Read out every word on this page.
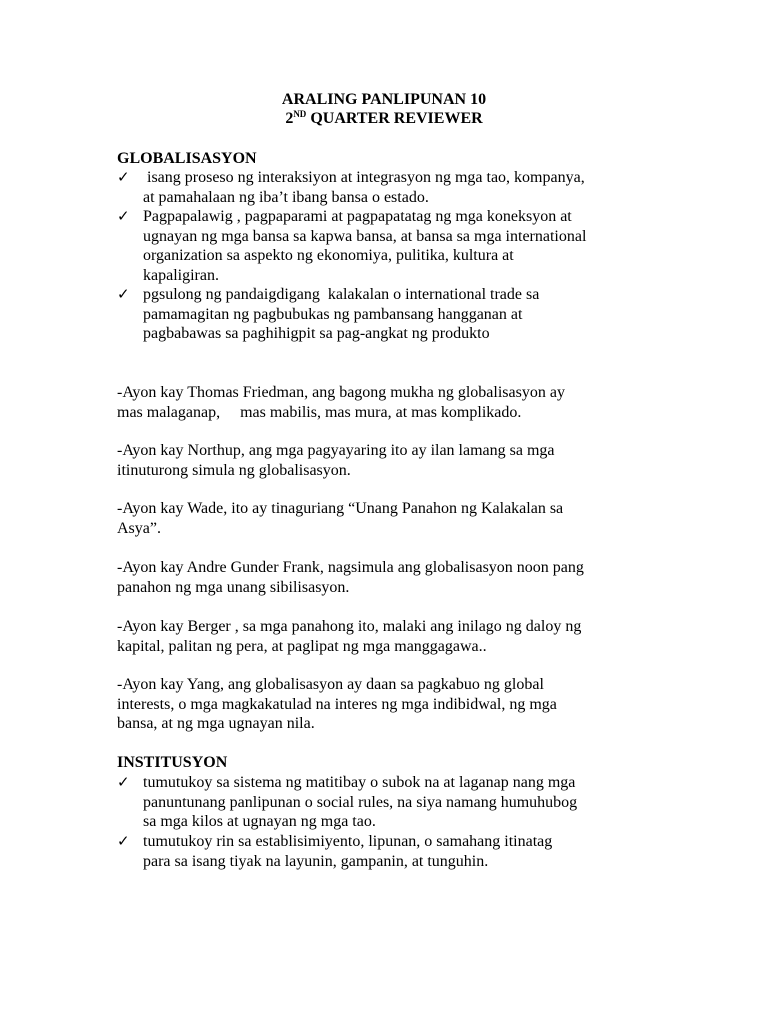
ARALING PANLIPUNAN 10
2ND QUARTER REVIEWER
GLOBALISASYON
✓ isang proseso ng interaksiyon at integrasyon ng mga tao, kompanya,
at pamahalaan ng iba’t ibang bansa o estado.
✓ Pagpapalawig , pagpaparami at pagpapatatag ng mga koneksyon at
ugnayan ng mga bansa sa kapwa bansa, at bansa sa mga international
organization sa aspekto ng ekonomiya, pulitika, kultura at
kapaligiran.
✓ pgsulong ng pandaigdigang  kalakalan o international trade sa
pamamagitan ng pagbubukas ng pambansang hangganan at
pagbabawas sa paghihigpit sa pag-angkat ng produkto
-Ayon kay Thomas Friedman, ang bagong mukha ng globalisasyon ay
mas malaganap,     mas mabilis, mas mura, at mas komplikado.
-Ayon kay Northup, ang mga pagyayaring ito ay ilan lamang sa mga
itinuturong simula ng globalisasyon.
-Ayon kay Wade, ito ay tinaguriang “Unang Panahon ng Kalakalan sa
Asya”.
-Ayon kay Andre Gunder Frank, nagsimula ang globalisasyon noon pang
panahon ng mga unang sibilisasyon.
-Ayon kay Berger , sa mga panahong ito, malaki ang inilago ng daloy ng
kapital, palitan ng pera, at paglipat ng mga manggagawa..
-Ayon kay Yang, ang globalisasyon ay daan sa pagkabuo ng global
interests, o mga magkakatulad na interes ng mga indibidwal, ng mga
bansa, at ng mga ugnayan nila.
INSTITUSYON
✓ tumutukoy sa sistema ng matitibay o subok na at laganap nang mga
panuntunang panlipunan o social rules, na siya namang humuhubog
sa mga kilos at ugnayan ng mga tao.
✓ tumutukoy rin sa establisimiyento, lipunan, o samahang itinatag
para sa isang tiyak na layunin, gampanin, at tunguhin.
